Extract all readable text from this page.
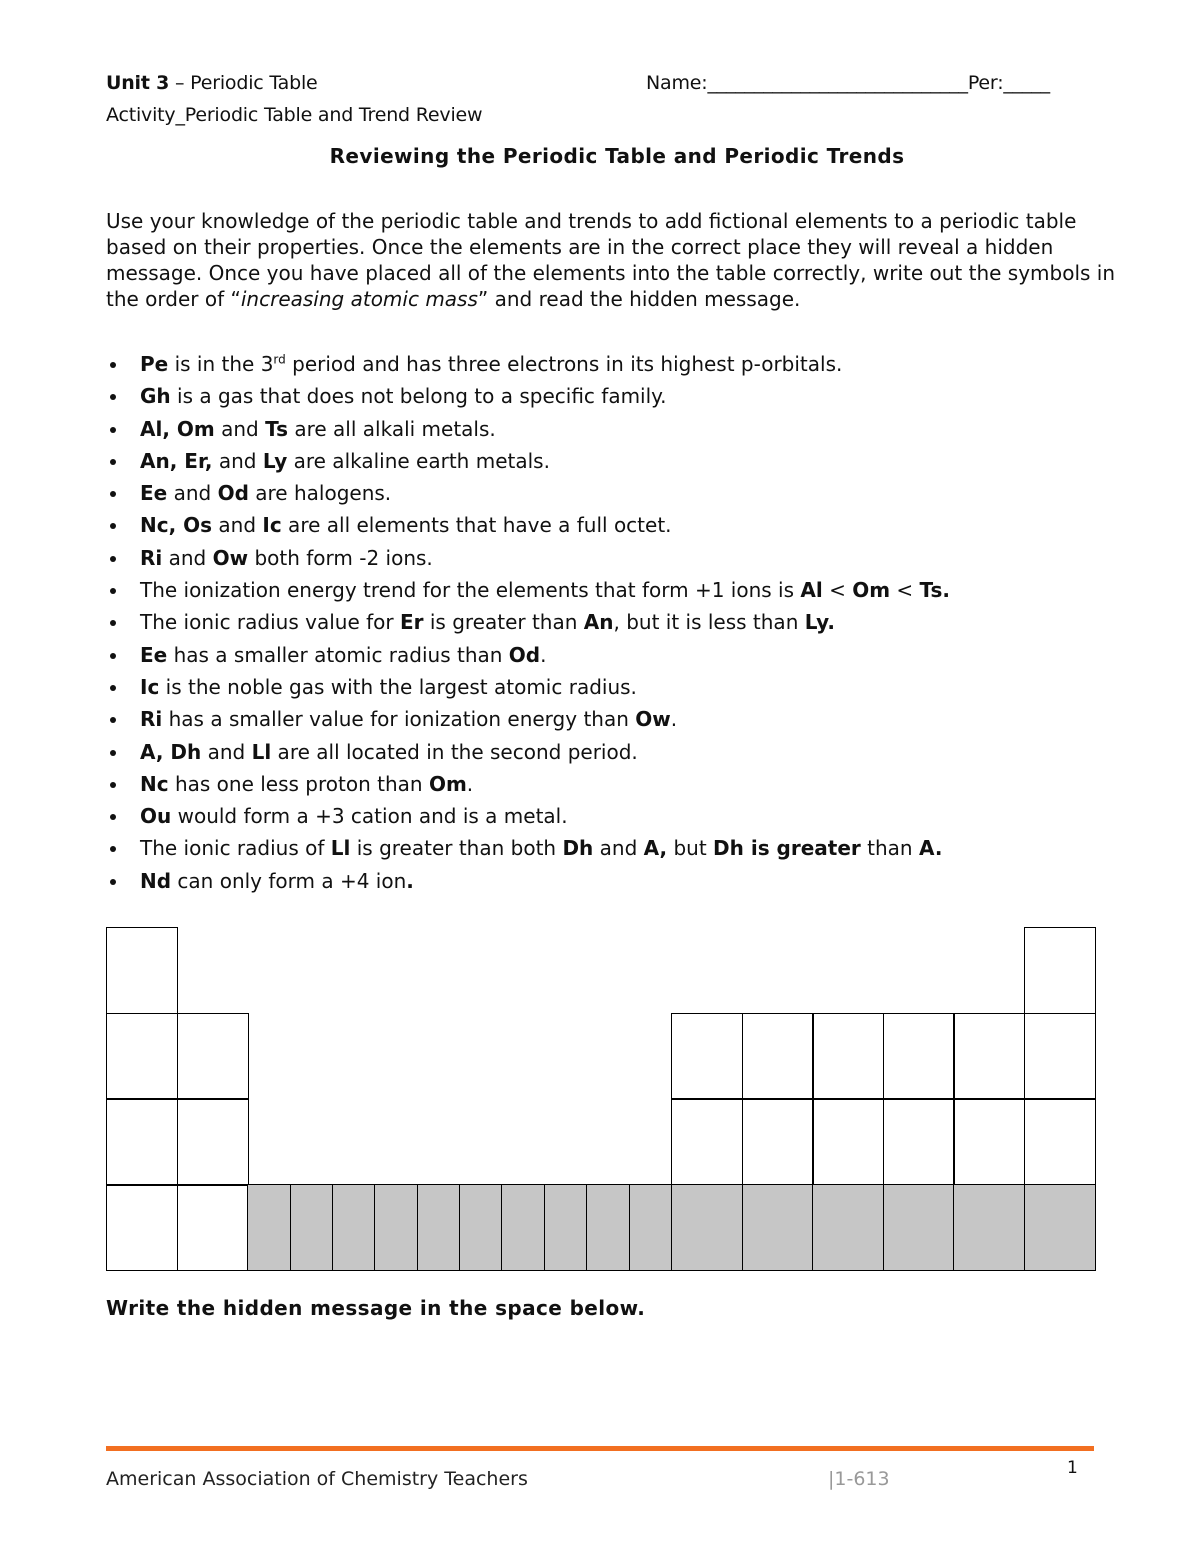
Unit 3 – Periodic Table
Activity_Periodic Table and Trend Review
Name:____________________________Per:_____
Reviewing the Periodic Table and Periodic Trends
Use your knowledge of the periodic table and trends to add fictional elements to a periodic table based on their properties. Once the elements are in the correct place they will reveal a hidden message. Once you have placed all of the elements into the table correctly, write out the symbols in the order of “increasing atomic mass” and read the hidden message.
Pe is in the 3rd period and has three electrons in its highest p-orbitals.
Gh is a gas that does not belong to a specific family.
Al, Om and Ts are all alkali metals.
An, Er, and Ly are alkaline earth metals.
Ee and Od are halogens.
Nc, Os and Ic are all elements that have a full octet.
Ri and Ow both form -2 ions.
The ionization energy trend for the elements that form +1 ions is Al < Om < Ts.
The ionic radius value for Er is greater than An, but it is less than Ly.
Ee has a smaller atomic radius than Od.
Ic is the noble gas with the largest atomic radius.
Ri has a smaller value for ionization energy than Ow.
A, Dh and Ll are all located in the second period.
Nc has one less proton than Om.
Ou would form a +3 cation and is a metal.
The ionic radius of Ll is greater than both Dh and A, but Dh is greater than A.
Nd can only form a +4 ion.
Write the hidden message in the space below.
American Association of Chemistry Teachers	|1-613	1
